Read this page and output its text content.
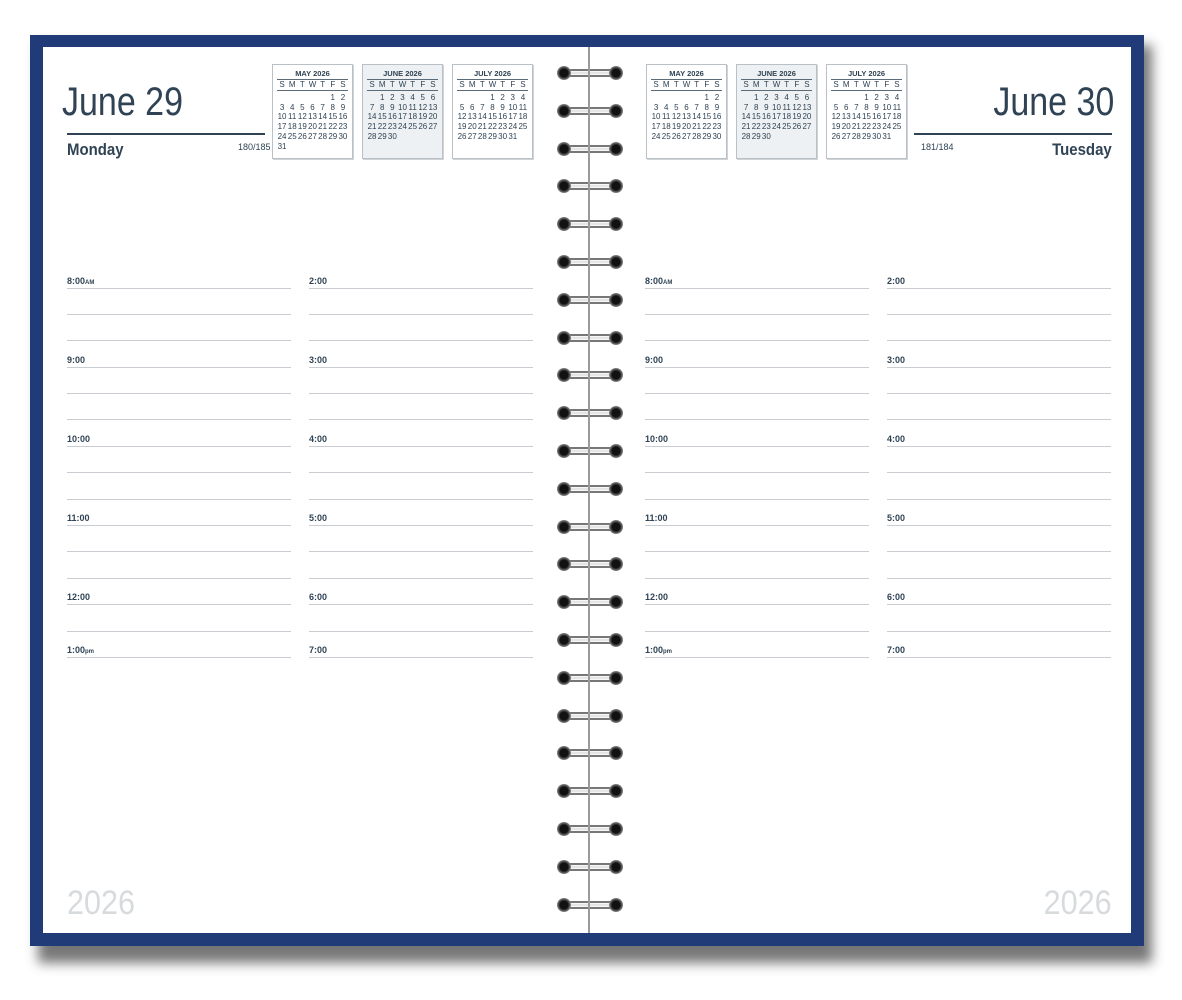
June 29
Monday	180/185
2026
June 30
Tuesday
181/184
2026
MAY 2026
S M T W T F S
1 2
3 4 5 6 7 8 9
10 11 12 13 14 15 16
17 18 19 20 21 22 23
24 25 26 27 28 29 30
31
JUNE 2026
S M T W T F S
1 2 3 4 5 6
7 8 9 10 11 12 13
14 15 16 17 18 19 20
21 22 23 24 25 26 27
28 29 30
JULY 2026
S M T W T F S
1 2 3 4
5 6 7 8 9 10 11
12 13 14 15 16 17 18
19 20 21 22 23 24 25
26 27 28 29 30 31
MAY 2026
S M T W T F S
1 2
3 4 5 6 7 8 9
10 11 12 13 14 15 16
17 18 19 20 21 22 23
24 25 26 27 28 29 30
JUNE 2026
S M T W T F S
1 2 3 4 5 6
7 8 9 10 11 12 13
14 15 16 17 18 19 20
21 22 23 24 25 26 27
28 29 30
JULY 2026
S M T W T F S
1 2 3 4
5 6 7 8 9 10 11
12 13 14 15 16 17 18
19 20 21 22 23 24 25
26 27 28 29 30 31
8:00AM
9:00
10:00
11:00
12:00
1:00pm
2:00
3:00
4:00
5:00
6:00
7:00
8:00AM
9:00
10:00
11:00
12:00
1:00pm
2:00
3:00
4:00
5:00
6:00
7:00
